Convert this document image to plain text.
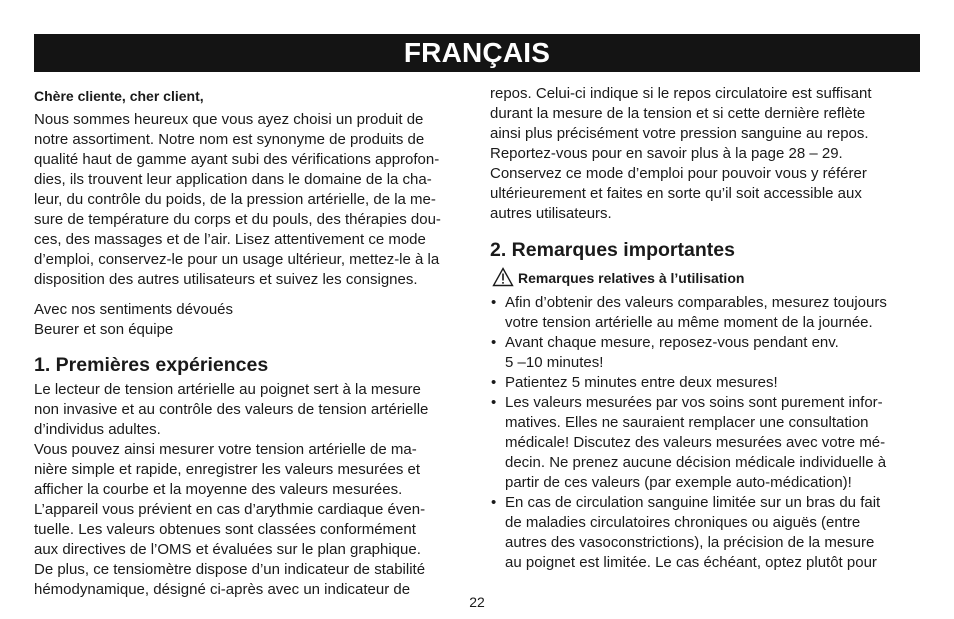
FRANÇAIS

Chère cliente, cher client,

Nous sommes heureux que vous ayez choisi un produit de
notre assortiment. Notre nom est synonyme de produits de
qualité haut de gamme ayant subi des vérifications approfon-
dies, ils trouvent leur application dans le domaine de la cha-
leur, du contrôle du poids, de la pression artérielle, de la me-
sure de température du corps et du pouls, des thérapies dou-
ces, des massages et de l’air. Lisez attentivement ce mode
d’emploi, conservez-le pour un usage ultérieur, mettez-le à la
disposition des autres utilisateurs et suivez les consignes.
Avec nos sentiments dévoués
Beurer et son équipe
1. Premières expériences
Le lecteur de tension artérielle au poignet sert à la mesure
non invasive et au contrôle des valeurs de tension artérielle
d’individus adultes.
Vous pouvez ainsi mesurer votre tension artérielle de ma-
nière simple et rapide, enregistrer les valeurs mesurées et
afficher la courbe et la moyenne des valeurs mesurées.
L’appareil vous prévient en cas d’arythmie cardiaque éven-
tuelle. Les valeurs obtenues sont classées conformément
aux directives de l’OMS et évaluées sur le plan graphique.
De plus, ce tensiomètre dispose d’un indicateur de stabilité
hémodynamique, désigné ci-après avec un indicateur de
repos. Celui-ci indique si le repos circulatoire est suffisant
durant la mesure de la tension et si cette dernière reflète
ainsi plus précisément votre pression sanguine au repos.
Reportez-vous pour en savoir plus à la page 28 – 29.
Conservez ce mode d’emploi pour pouvoir vous y référer
ultérieurement et faites en sorte qu’il soit accessible aux
autres utilisateurs.
2. Remarques importantes
Remarques relatives à l’utilisation
• Afin d’obtenir des valeurs comparables, mesurez toujours
votre tension artérielle au même moment de la journée.
• Avant chaque mesure, reposez-vous pendant env.
5 –10 minutes!
• Patientez 5 minutes entre deux mesures!
• Les valeurs mesurées par vos soins sont purement infor-
matives. Elles ne sauraient remplacer une consultation
médicale! Discutez des valeurs mesurées avec votre mé-
decin. Ne prenez aucune décision médicale individuelle à
partir de ces valeurs (par exemple auto-médication)!
• En cas de circulation sanguine limitée sur un bras du fait
de maladies circulatoires chroniques ou aiguës (entre
autres des vasoconstrictions), la précision de la mesure
au poignet est limitée. Le cas échéant, optez plutôt pour
22
